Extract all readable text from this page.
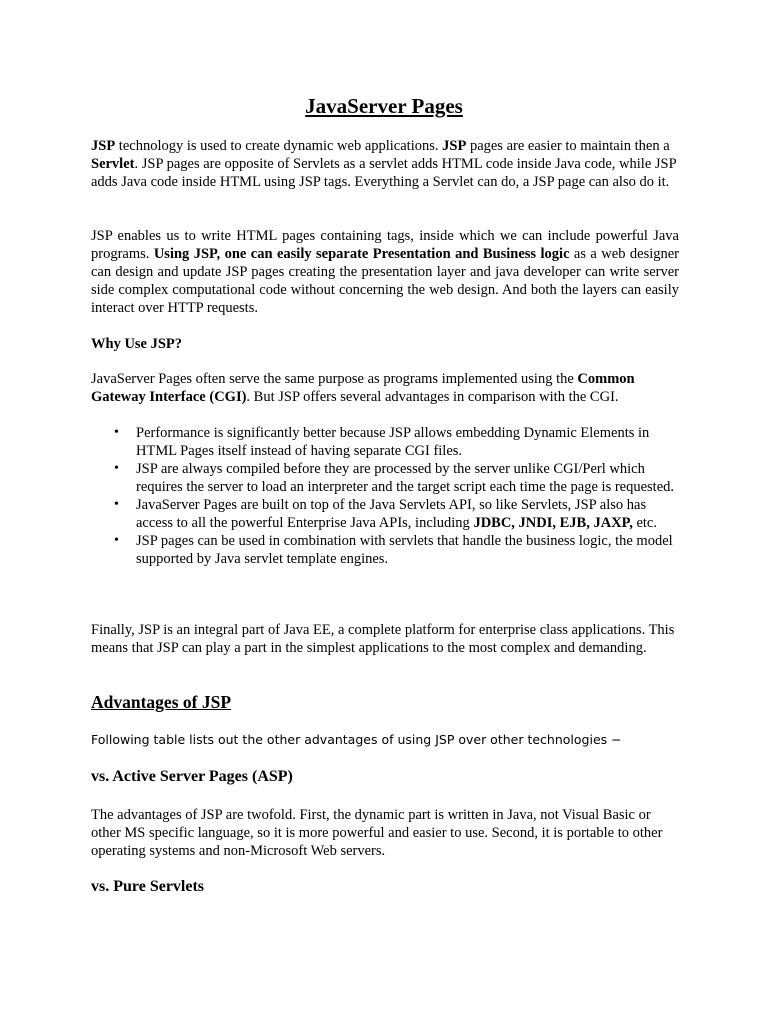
JavaServer Pages

JSP technology is used to create dynamic web applications. JSP pages are easier to maintain then a Servlet. JSP pages are opposite of Servlets as a servlet adds HTML code inside Java code, while JSP adds Java code inside HTML using JSP tags. Everything a Servlet can do, a JSP page can also do it.

JSP enables us to write HTML pages containing tags, inside which we can include powerful Java programs. Using JSP, one can easily separate Presentation and Business logic as a web designer can design and update JSP pages creating the presentation layer and java developer can write server side complex computational code without concerning the web design. And both the layers can easily interact over HTTP requests.

Why Use JSP?

JavaServer Pages often serve the same purpose as programs implemented using the Common Gateway Interface (CGI). But JSP offers several advantages in comparison with the CGI.

• Performance is significantly better because JSP allows embedding Dynamic Elements in HTML Pages itself instead of having separate CGI files.
• JSP are always compiled before they are processed by the server unlike CGI/Perl which requires the server to load an interpreter and the target script each time the page is requested.
• JavaServer Pages are built on top of the Java Servlets API, so like Servlets, JSP also has access to all the powerful Enterprise Java APIs, including JDBC, JNDI, EJB, JAXP, etc.
• JSP pages can be used in combination with servlets that handle the business logic, the model supported by Java servlet template engines.

Finally, JSP is an integral part of Java EE, a complete platform for enterprise class applications. This means that JSP can play a part in the simplest applications to the most complex and demanding.

Advantages of JSP

Following table lists out the other advantages of using JSP over other technologies −

vs. Active Server Pages (ASP)

The advantages of JSP are twofold. First, the dynamic part is written in Java, not Visual Basic or other MS specific language, so it is more powerful and easier to use. Second, it is portable to other operating systems and non-Microsoft Web servers.

vs. Pure Servlets
